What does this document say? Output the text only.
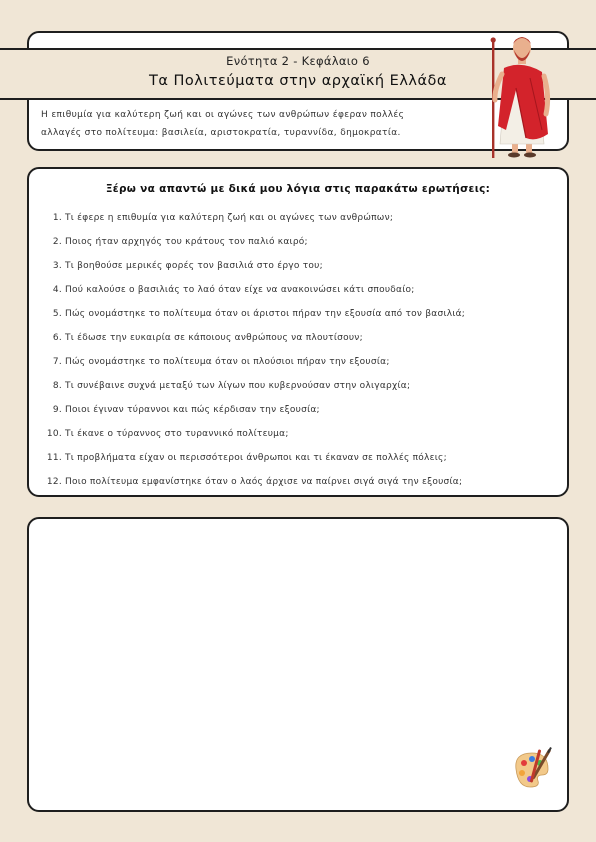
Ενότητα 2 - Κεφάλαιο 6
Τα Πολιτεύματα στην αρχαϊκή Ελλάδα
Η επιθυμία για καλύτερη ζωή και οι αγώνες των ανθρώπων έφεραν πολλές
αλλαγές στο πολίτευμα: βασιλεία, αριστοκρατία, τυραννίδα, δημοκρατία.
Ξέρω να απαντώ με δικά μου λόγια στις παρακάτω ερωτήσεις:
1. Τι έφερε η επιθυμία για καλύτερη ζωή και οι αγώνες των ανθρώπων;
2. Ποιος ήταν αρχηγός του κράτους τον παλιό καιρό;
3. Τι βοηθούσε μερικές φορές τον βασιλιά στο έργο του;
4. Πού καλούσε ο βασιλιάς το λαό όταν είχε να ανακοινώσει κάτι σπουδαίο;
5. Πώς ονομάστηκε το πολίτευμα όταν οι άριστοι πήραν την εξουσία από τον βασιλιά;
6. Τι έδωσε την ευκαιρία σε κάποιους ανθρώπους να πλουτίσουν;
7. Πώς ονομάστηκε το πολίτευμα όταν οι πλούσιοι πήραν την εξουσία;
8. Τι συνέβαινε συχνά μεταξύ των λίγων που κυβερνούσαν στην ολιγαρχία;
9. Ποιοι έγιναν τύραννοι και πώς κέρδισαν την εξουσία;
10. Τι έκανε ο τύραννος στο τυραννικό πολίτευμα;
11. Τι προβλήματα είχαν οι περισσότεροι άνθρωποι και τι έκαναν σε πολλές πόλεις;
12. Ποιο πολίτευμα εμφανίστηκε όταν ο λαός άρχισε να παίρνει σιγά σιγά την εξουσία;
